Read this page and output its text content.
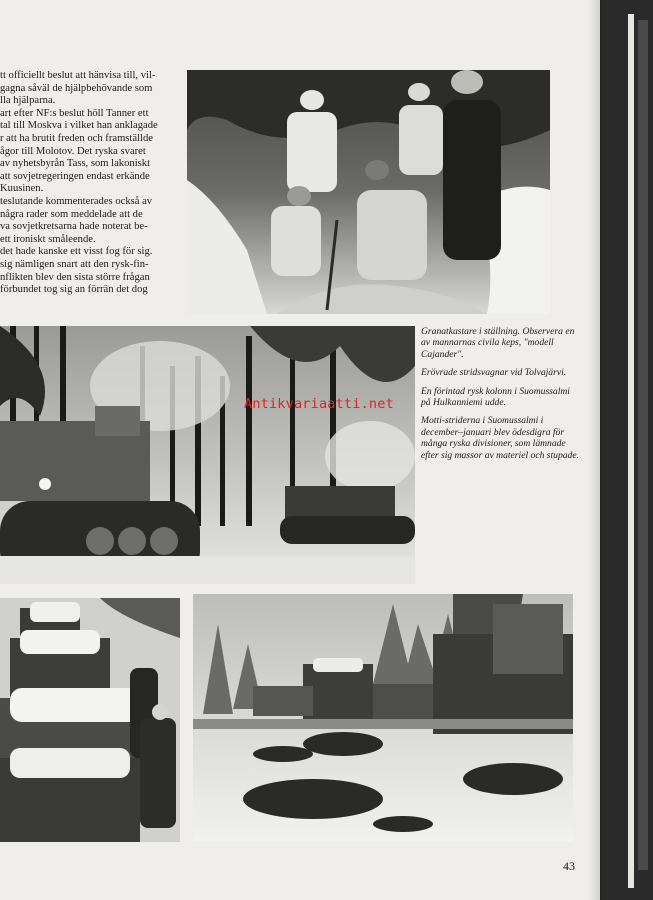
tt officiellt beslut att hänvisa till, vil-

gagna såväl de hjälpbehövande som

lla hjälparna.

art efter NF:s beslut höll Tanner ett

tal till Moskva i vilket han anklagade

r att ha brutit freden och framställde

ågor till Molotov. Det ryska svaret

av nyhetsbyrån Tass, som lakoniskt

att sovjetregeringen endast erkände

Kuusinen.

teslutande kommenterades också av

några rader som meddelade att de

va sovjetkretsarna hade noterat be-

ett ironiskt småleende.

det hade kanske ett visst fog för sig.

sig nämligen snart att den rysk-fin-

nflikten blev den sista större frågan

förbundet tog sig an förrän det dog

Granatkastare i ställning. Observera en av mannarnas civila keps, "modell Cajander".

Erövrade stridsvagnar vid Tolvajärvi.

En förintad rysk kolonn i Suomussalmi på Hulkanniemi udde.

Motti-striderna i Suomussalmi i december–januari blev ödesdigra för många ryska divisioner, som lämnade efter sig massor av materiel och stupade.

Antikvariaatti.net
43
